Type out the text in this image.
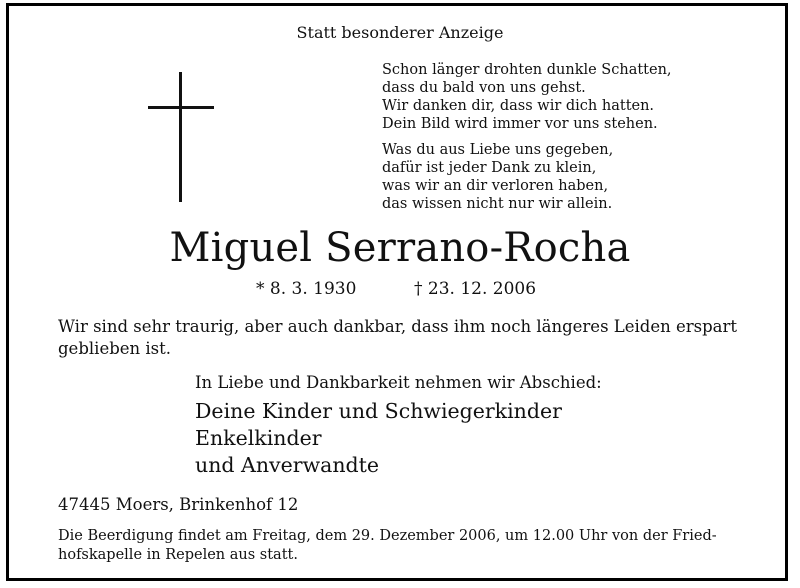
Statt besonderer Anzeige
Schon länger drohten dunkle Schatten,
dass du bald von uns gehst.
Wir danken dir, dass wir dich hatten.
Dein Bild wird immer vor uns stehen.
Was du aus Liebe uns gegeben,
dafür ist jeder Dank zu klein,
was wir an dir verloren haben,
das wissen nicht nur wir allein.
Miguel Serrano-Rocha
* 8. 3. 1930	† 23. 12. 2006
Wir sind sehr traurig, aber auch dankbar, dass ihm noch längeres Leiden erspart geblieben ist.
In Liebe und Dankbarkeit nehmen wir Abschied:
Deine Kinder und Schwiegerkinder
Enkelkinder
und Anverwandte
47445 Moers, Brinkenhof 12
Die Beerdigung findet am Freitag, dem 29. Dezember 2006, um 12.00 Uhr von der Fried-
hofskapelle in Repelen aus statt.
